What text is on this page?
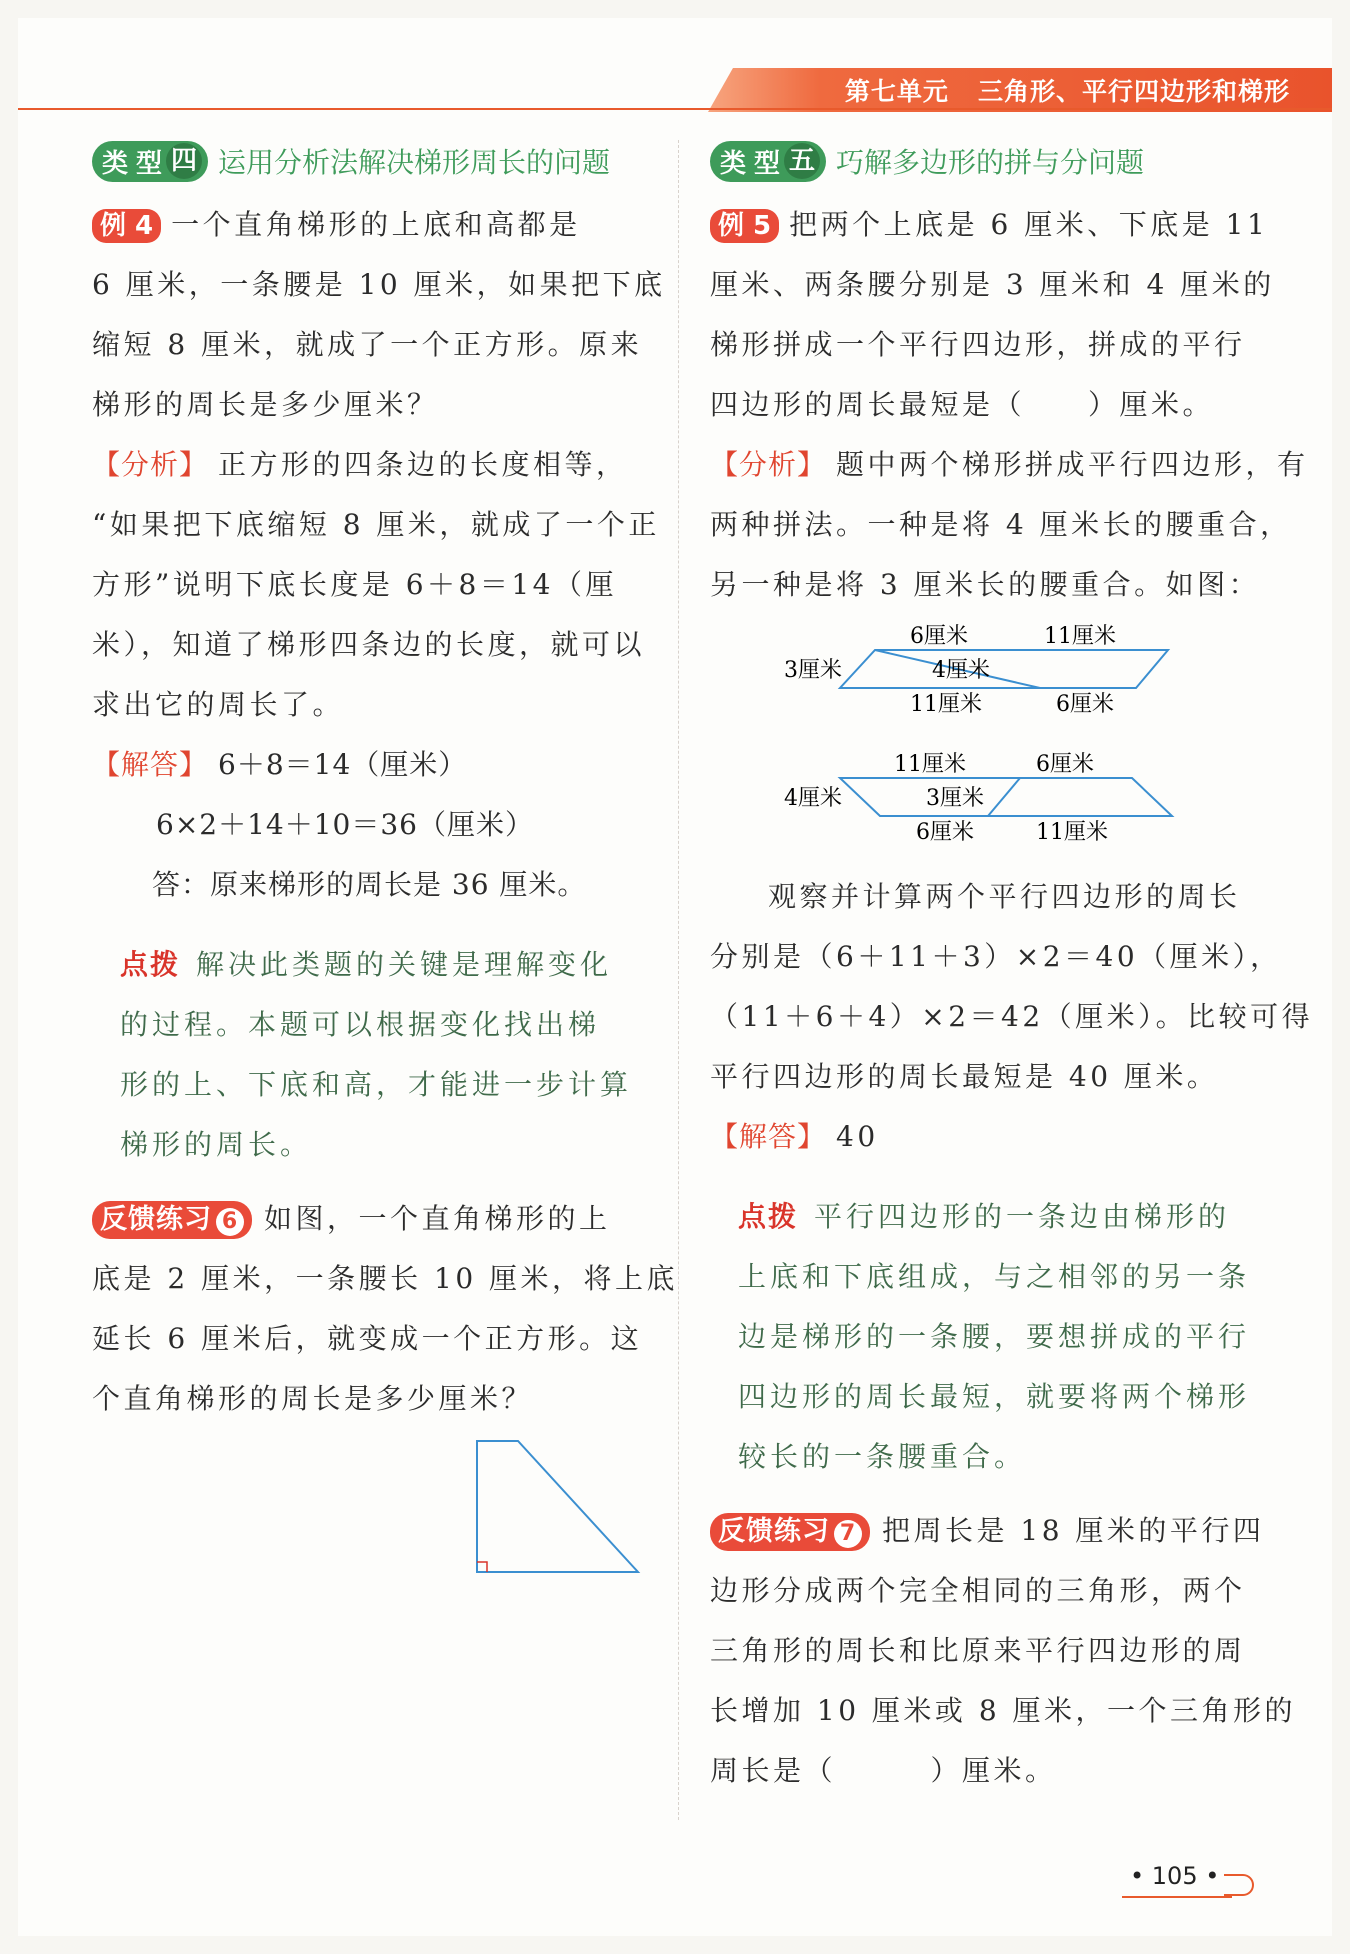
第七单元 三角形、平行四边形和梯形
类 型 四 运用分析法解决梯形周长的问题

例 4 一个直角梯形的上底和高都是

6 厘米，一条腰是 10 厘米，如果把下底

缩短 8 厘米，就成了一个正方形。原来

梯形的周长是多少厘米？

【分析】 正方形的四条边的长度相等，

“如果把下底缩短 8 厘米，就成了一个正

方形”说明下底长度是 6＋8＝14（厘

米），知道了梯形四条边的长度，就可以

求出它的周长了。

【解答】 6＋8＝14（厘米）

6×2＋14＋10＝36（厘米）

答：原来梯形的周长是 36 厘米。

点拨 解决此类题的关键是理解变化

的过程。本题可以根据变化找出梯

形的上、下底和高，才能进一步计算

梯形的周长。

反馈练习 6 如图，一个直角梯形的上

底是 2 厘米，一条腰长 10 厘米，将上底

延长 6 厘米后，就变成一个正方形。这

个直角梯形的周长是多少厘米？

类 型 五 巧解多边形的拼与分问题

例 5 把两个上底是 6 厘米、下底是 11

厘米、两条腰分别是 3 厘米和 4 厘米的

梯形拼成一个平行四边形，拼成的平行

四边形的周长最短是（　　）厘米。

【分析】 题中两个梯形拼成平行四边形，有

两种拼法。一种是将 4 厘米长的腰重合，

另一种是将 3 厘米长的腰重合。如图：

6厘米	11厘米
3厘米	4厘米
11厘米	6厘米
11厘米	6厘米
4厘米	3厘米
6厘米	11厘米

观察并计算两个平行四边形的周长

分别是（6＋11＋3）×2＝40（厘米），

（11＋6＋4）×2＝42（厘米）。比较可得

平行四边形的周长最短是 40 厘米。

【解答】 40

点拨 平行四边形的一条边由梯形的

上底和下底组成，与之相邻的另一条

边是梯形的一条腰，要想拼成的平行

四边形的周长最短，就要将两个梯形

较长的一条腰重合。

反馈练习 7 把周长是 18 厘米的平行四

边形分成两个完全相同的三角形，两个

三角形的周长和比原来平行四边形的周

长增加 10 厘米或 8 厘米，一个三角形的

周长是（　　　）厘米。

• 105 •
